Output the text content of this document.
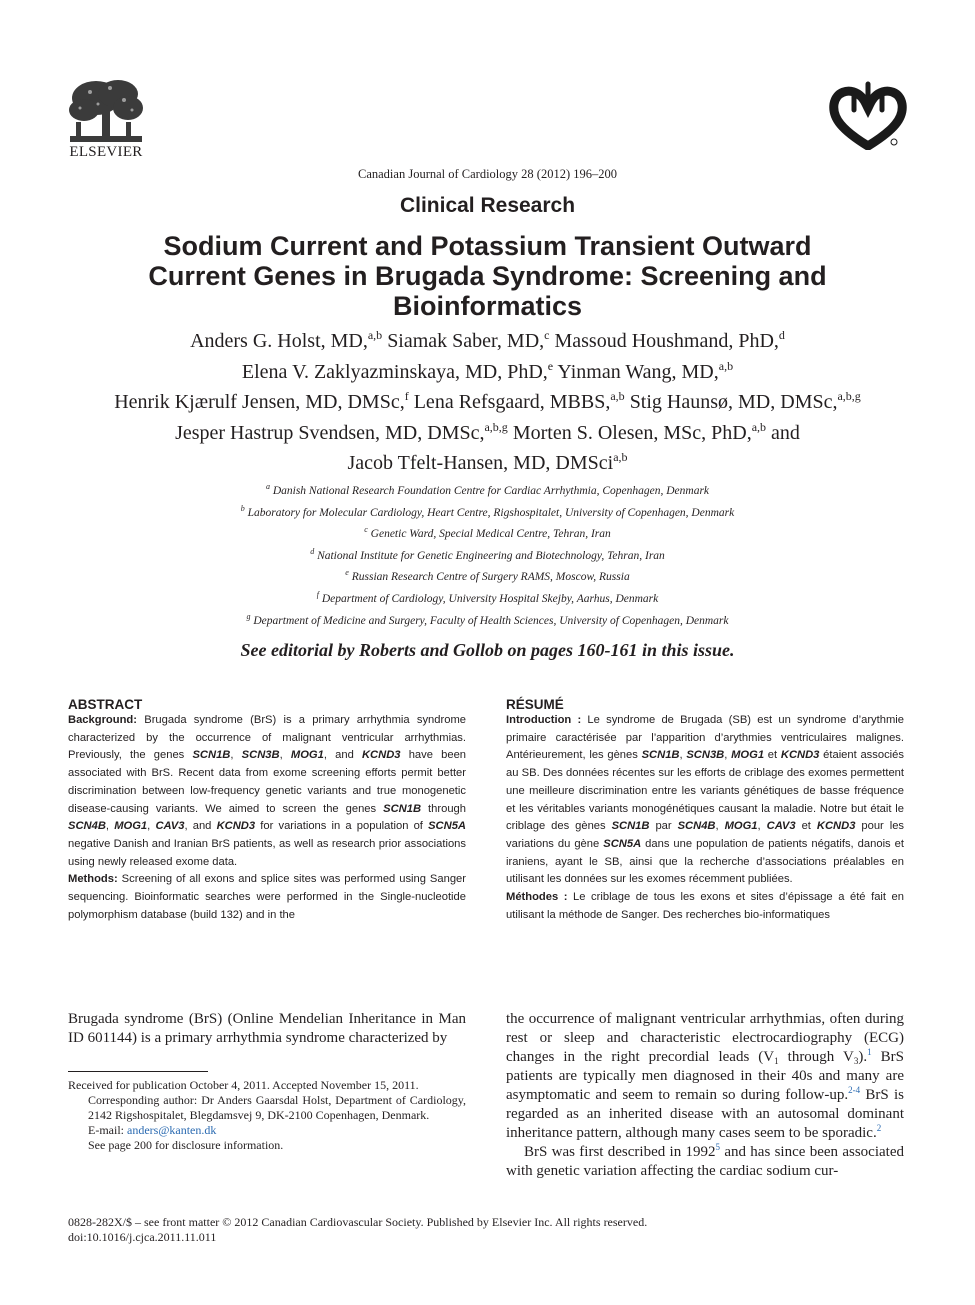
ELSEVIER
Canadian Journal of Cardiology 28 (2012) 196–200
Clinical Research
Sodium Current and Potassium Transient Outward
Current Genes in Brugada Syndrome: Screening and
Bioinformatics
Anders G. Holst, MD,$^{a,b}$ Siamak Saber, MD,$^c$ Massoud Houshmand, PhD,$^d$
Elena V. Zaklyazminskaya, MD, PhD,$^e$ Yinman Wang, MD,$^{a,b}$
Henrik Kjærulf Jensen, MD, DMSc,$^f$ Lena Refsgaard, MBBS,$^{a,b}$ Stig Haunsø, MD, DMSc,$^{a,b,g}$
Jesper Hastrup Svendsen, MD, DMSc,$^{a,b,g}$ Morten S. Olesen, MSc, PhD,$^{a,b}$ and
Jacob Tfelt-Hansen, MD, DMSci$^{a,b}$
$^a$ Danish National Research Foundation Centre for Cardiac Arrhythmia, Copenhagen, Denmark
$^b$ Laboratory for Molecular Cardiology, Heart Centre, Rigshospitalet, University of Copenhagen, Denmark
$^c$ Genetic Ward, Special Medical Centre, Tehran, Iran
$^d$ National Institute for Genetic Engineering and Biotechnology, Tehran, Iran
$^e$ Russian Research Centre of Surgery RAMS, Moscow, Russia
$^f$ Department of Cardiology, University Hospital Skejby, Aarhus, Denmark
$^g$ Department of Medicine and Surgery, Faculty of Health Sciences, University of Copenhagen, Denmark
See editorial by Roberts and Gollob on pages 160-161 in this issue.
ABSTRACT
Background: Brugada syndrome (BrS) is a primary arrhythmia syndrome characterized by the occurrence of malignant ventricular arrhythmias. Previously, the genes SCN1B, SCN3B, MOG1, and KCND3 have been associated with BrS. Recent data from exome screening efforts permit better discrimination between low-frequency genetic variants and true monogenetic disease-causing variants. We aimed to screen the genes SCN1B through SCN4B, MOG1, CAV3, and KCND3 for variations in a population of SCN5A negative Danish and Iranian BrS patients, as well as research prior associations using newly released exome data.
Methods: Screening of all exons and splice sites was performed using Sanger sequencing. Bioinformatic searches were performed in the Single-nucleotide polymorphism database (build 132) and in the
RÉSUMÉ
Introduction : Le syndrome de Brugada (SB) est un syndrome d’arythmie primaire caractérisée par l’apparition d’arythmies ventriculaires malignes. Antérieurement, les gènes SCN1B, SCN3B, MOG1 et KCND3 étaient associés au SB. Des données récentes sur les efforts de criblage des exomes permettent une meilleure discrimination entre les variants génétiques de basse fréquence et les véritables variants monogénétiques causant la maladie. Notre but était le criblage des gènes SCN1B par SCN4B, MOG1, CAV3 et KCND3 pour les variations du gène SCN5A dans une population de patients négatifs, danois et iraniens, ayant le SB, ainsi que la recherche d’associations préalables en utilisant les données sur les exomes récemment publiées.
Méthodes : Le criblage de tous les exons et sites d’épissage a été fait en utilisant la méthode de Sanger. Des recherches bio-informatiques
Brugada syndrome (BrS) (Online Mendelian Inheritance in Man ID 601144) is a primary arrhythmia syndrome characterized by

the occurrence of malignant ventricular arrhythmias, often during rest or sleep and characteristic electrocardiography (ECG) changes in the right precordial leads ($V_1$ through $V_3).^1$ BrS patients are typically men diagnosed in their 40s and many are asymptomatic and seem to remain so during follow-up.$^{2-4}$ BrS is regarded as an inherited disease with an autosomal dominant inheritance pattern, although many cases seem to be sporadic.$^2$

BrS was first described in 1992$^5$ and has since been associated with genetic variation affecting the cardiac sodium cur-

Received for publication October 4, 2011. Accepted November 15, 2011.

Corresponding author: Dr Anders Gaarsdal Holst, Department of Cardiology, 2142 Rigshospitalet, Blegdamsvej 9, DK-2100 Copenhagen, Denmark.

E-mail: anders@kanten.dk

See page 200 for disclosure information.

0828-282X/$ – see front matter © 2012 Canadian Cardiovascular Society. Published by Elsevier Inc. All rights reserved.
doi:10.1016/j.cjca.2011.11.011
